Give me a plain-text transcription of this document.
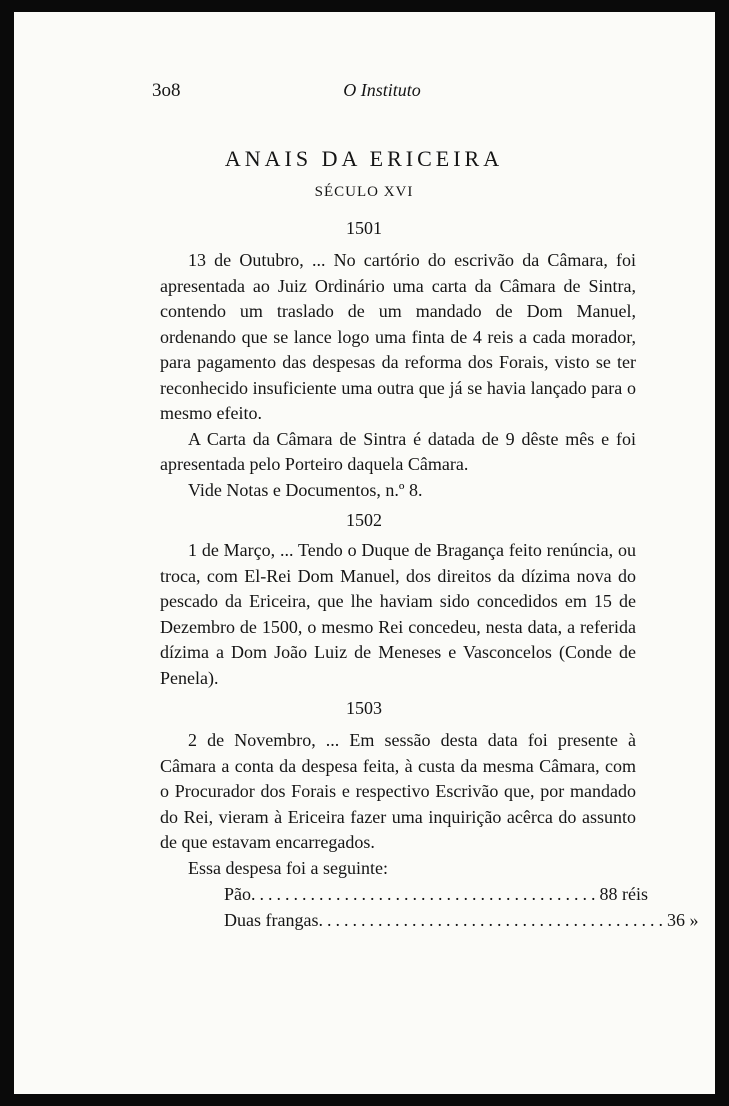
3o8	O Instituto
ANAIS DA ERICEIRA
SÉCULO XVI
1501

13 de Outubro, ... No cartório do escrivão da Câmara, foi apresentada ao Juiz Ordinário uma carta da Câmara de Sintra, contendo um traslado de um mandado de Dom Manuel, ordenando que se lance logo uma finta de 4 reis a cada morador, para pagamento das despesas da reforma dos Forais, visto se ter reconhecido insuficiente uma outra que já se havia lançado para o mesmo efeito.

A Carta da Câmara de Sintra é datada de 9 dêste mês e foi apresentada pelo Porteiro daquela Câmara.

Vide Notas e Documentos, n.º 8.

1502

1 de Março, ... Tendo o Duque de Bragança feito renúncia, ou troca, com El-Rei Dom Manuel, dos direitos da dízima nova do pescado da Ericeira, que lhe haviam sido concedidos em 15 de Dezembro de 1500, o mesmo Rei concedeu, nesta data, a referida dízima a Dom João Luiz de Meneses e Vasconcelos (Conde de Penela).

1503

2 de Novembro, ... Em sessão desta data foi presente à Câmara a conta da despesa feita, à custa da mesma Câmara, com o Procurador dos Forais e respectivo Escrivão que, por mandado do Rei, vieram à Ericeira fazer uma inquirição acêrca do assunto de que estavam encarregados.

Essa despesa foi a seguinte:

Pão ......................................... 88 réis
Duas frangas ......................................... 36 »
